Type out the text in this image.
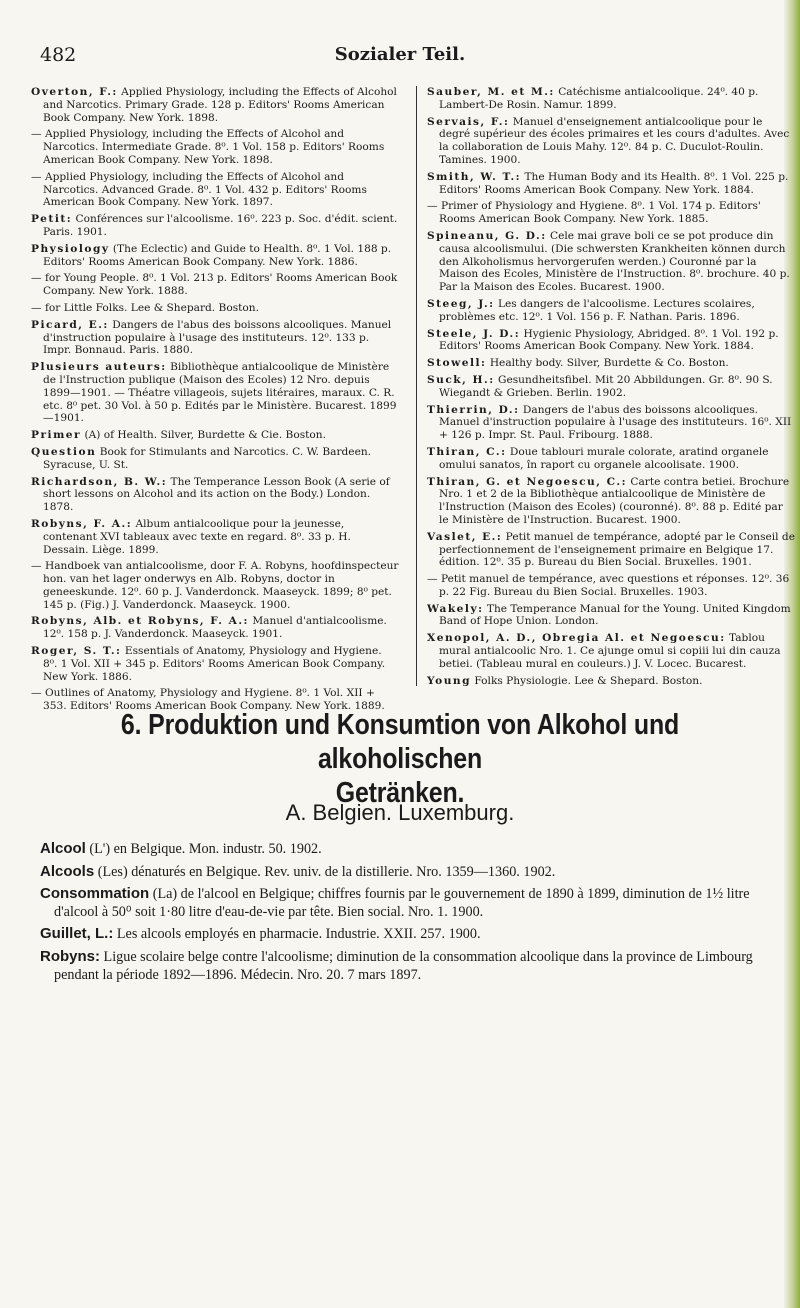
482	Sozialer Teil.
Overton, F.: Applied Physiology, including the Effects of Alcohol and Narcotics. Primary Grade. 128 p. Editors' Rooms American Book Company. New York. 1898.
— Applied Physiology, including the Effects of Alcohol and Narcotics. Intermediate Grade. 8⁰. 1 Vol. 158 p. Editors' Rooms American Book Company. New York. 1898.
— Applied Physiology, including the Effects of Alcohol and Narcotics. Advanced Grade. 8⁰. 1 Vol. 432 p. Editors' Rooms American Book Company. New York. 1897.
Petit: Conférences sur l'alcoolisme. 16⁰. 223 p. Soc. d'édit. scient. Paris. 1901.
Physiology (The Eclectic) and Guide to Health. 8⁰. 1 Vol. 188 p. Editors' Rooms American Book Company. New York. 1886.
— for Young People. 8⁰. 1 Vol. 213 p. Editors' Rooms American Book Company. New York. 1888.
— for Little Folks. Lee & Shepard. Boston.
Picard, E.: Dangers de l'abus des boissons alcooliques. Manuel d'instruction populaire à l'usage des instituteurs. 12⁰. 133 p. Impr. Bonnaud. Paris. 1880.
Plusieurs auteurs: Bibliothèque antialcoolique de Ministère de l'Instruction publique (Maison des Ecoles) 12 Nro. depuis 1899—1901. — Théatre villageois, sujets litéraires, maraux. C. R. etc. 8⁰ pet. 30 Vol. à 50 p. Edités par le Ministère. Bucarest. 1899—1901.
Primer (A) of Health. Silver, Burdette & Cie. Boston.
Question Book for Stimulants and Narcotics. C. W. Bardeen. Syracuse, U. St.
Richardson, B. W.: The Temperance Lesson Book (A serie of short lessons on Alcohol and its action on the Body.) London. 1878.
Robyns, F. A.: Album antialcoolique pour la jeunesse, contenant XVI tableaux avec texte en regard. 8⁰. 33 p. H. Dessain. Liège. 1899.
— Handboek van antialcoolisme, door F. A. Robyns, hoofdinspecteur hon. van het lager onderwys en Alb. Robyns, doctor in geneeskunde. 12⁰. 60 p. J. Vanderdonck. Maaseyck. 1899; 8⁰ pet. 145 p. (Fig.) J. Vanderdonck. Maaseyck. 1900.
Robyns, Alb. et Robyns, F. A.: Manuel d'antialcoolisme. 12⁰. 158 p. J. Vanderdonck. Maaseyck. 1901.
Roger, S. T.: Essentials of Anatomy, Physiology and Hygiene. 8⁰. 1 Vol. XII + 345 p. Editors' Rooms American Book Company. New York. 1886.
— Outlines of Anatomy, Physiology and Hygiene. 8⁰. 1 Vol. XII + 353. Editors' Rooms American Book Company. New York. 1889.
Sauber, M. et M.: Catéchisme antialcoolique. 24⁰. 40 p. Lambert-De Rosin. Namur. 1899.
Servais, F.: Manuel d'enseignement antialcoolique pour le degré supérieur des écoles primaires et les cours d'adultes. Avec la collaboration de Louis Mahy. 12⁰. 84 p. C. Duculot-Roulin. Tamines. 1900.
Smith, W. T.: The Human Body and its Health. 8⁰. 1 Vol. 225 p. Editors' Rooms American Book Company. New York. 1884.
— Primer of Physiology and Hygiene. 8⁰. 1 Vol. 174 p. Editors' Rooms American Book Company. New York. 1885.
Spineanu, G. D.: Cele mai grave boli ce se pot produce din causa alcoolismului. (Die schwersten Krankheiten können durch den Alkoholismus hervorgerufen werden.) Couronné par la Maison des Ecoles, Ministère de l'Instruction. 8⁰. brochure. 40 p. Par la Maison des Ecoles. Bucarest. 1900.
Steeg, J.: Les dangers de l'alcoolisme. Lectures scolaires, problèmes etc. 12⁰. 1 Vol. 156 p. F. Nathan. Paris. 1896.
Steele, J. D.: Hygienic Physiology, Abridged. 8⁰. 1 Vol. 192 p. Editors' Rooms American Book Company. New York. 1884.
Stowell: Healthy body. Silver, Burdette & Co. Boston.
Suck, H.: Gesundheitsfibel. Mit 20 Abbildungen. Gr. 8⁰. 90 S. Wiegandt & Grieben. Berlin. 1902.
Thierrin, D.: Dangers de l'abus des boissons alcooliques. Manuel d'instruction populaire à l'usage des instituteurs. 16⁰. XII + 126 p. Impr. St. Paul. Fribourg. 1888.
Thiran, C.: Doue tablouri murale colorate, aratind organele omului sanatos, în raport cu organele alcoolisate. 1900.
Thiran, G. et Negoescu, C.: Carte contra betiei. Brochure Nro. 1 et 2 de la Bibliothèque antialcoolique de Ministère de l'Instruction (Maison des Ecoles) (couronné). 8⁰. 88 p. Edité par le Ministère de l'Instruction. Bucarest. 1900.
Vaslet, E.: Petit manuel de tempérance, adopté par le Conseil de perfectionnement de l'enseignement primaire en Belgique 17. édition. 12⁰. 35 p. Bureau du Bien Social. Bruxelles. 1901.
— Petit manuel de tempérance, avec questions et réponses. 12⁰. 36 p. 22 Fig. Bureau du Bien Social. Bruxelles. 1903.
Wakely: The Temperance Manual for the Young. United Kingdom Band of Hope Union. London.
Xenopol, A. D., Obregia Al. et Negoescu: Tablou mural antialcoolic Nro. 1. Ce ajunge omul si copiii lui din cauza betiei. (Tableau mural en couleurs.) J. V. Locec. Bucarest.
Young Folks Physiologie. Lee & Shepard. Boston.
6. Produktion und Konsumtion von Alkohol und alkoholischen
Getränken.
A. Belgien. Luxemburg.
Alcool (L') en Belgique. Mon. industr. 50. 1902.
Alcools (Les) dénaturés en Belgique. Rev. univ. de la distillerie. Nro. 1359—1360. 1902.
Consommation (La) de l'alcool en Belgique; chiffres fournis par le gouvernement de 1890 à 1899, diminution de 1½ litre d'alcool à 50⁰ soit 1·80 litre d'eau-de-vie par tête. Bien social. Nro. 1. 1900.
Guillet, L.: Les alcools employés en pharmacie. Industrie. XXII. 257. 1900.
Robyns: Ligue scolaire belge contre l'alcoolisme; diminution de la consommation alcoolique dans la province de Limbourg pendant la période 1892—1896. Médecin. Nro. 20. 7 mars 1897.
